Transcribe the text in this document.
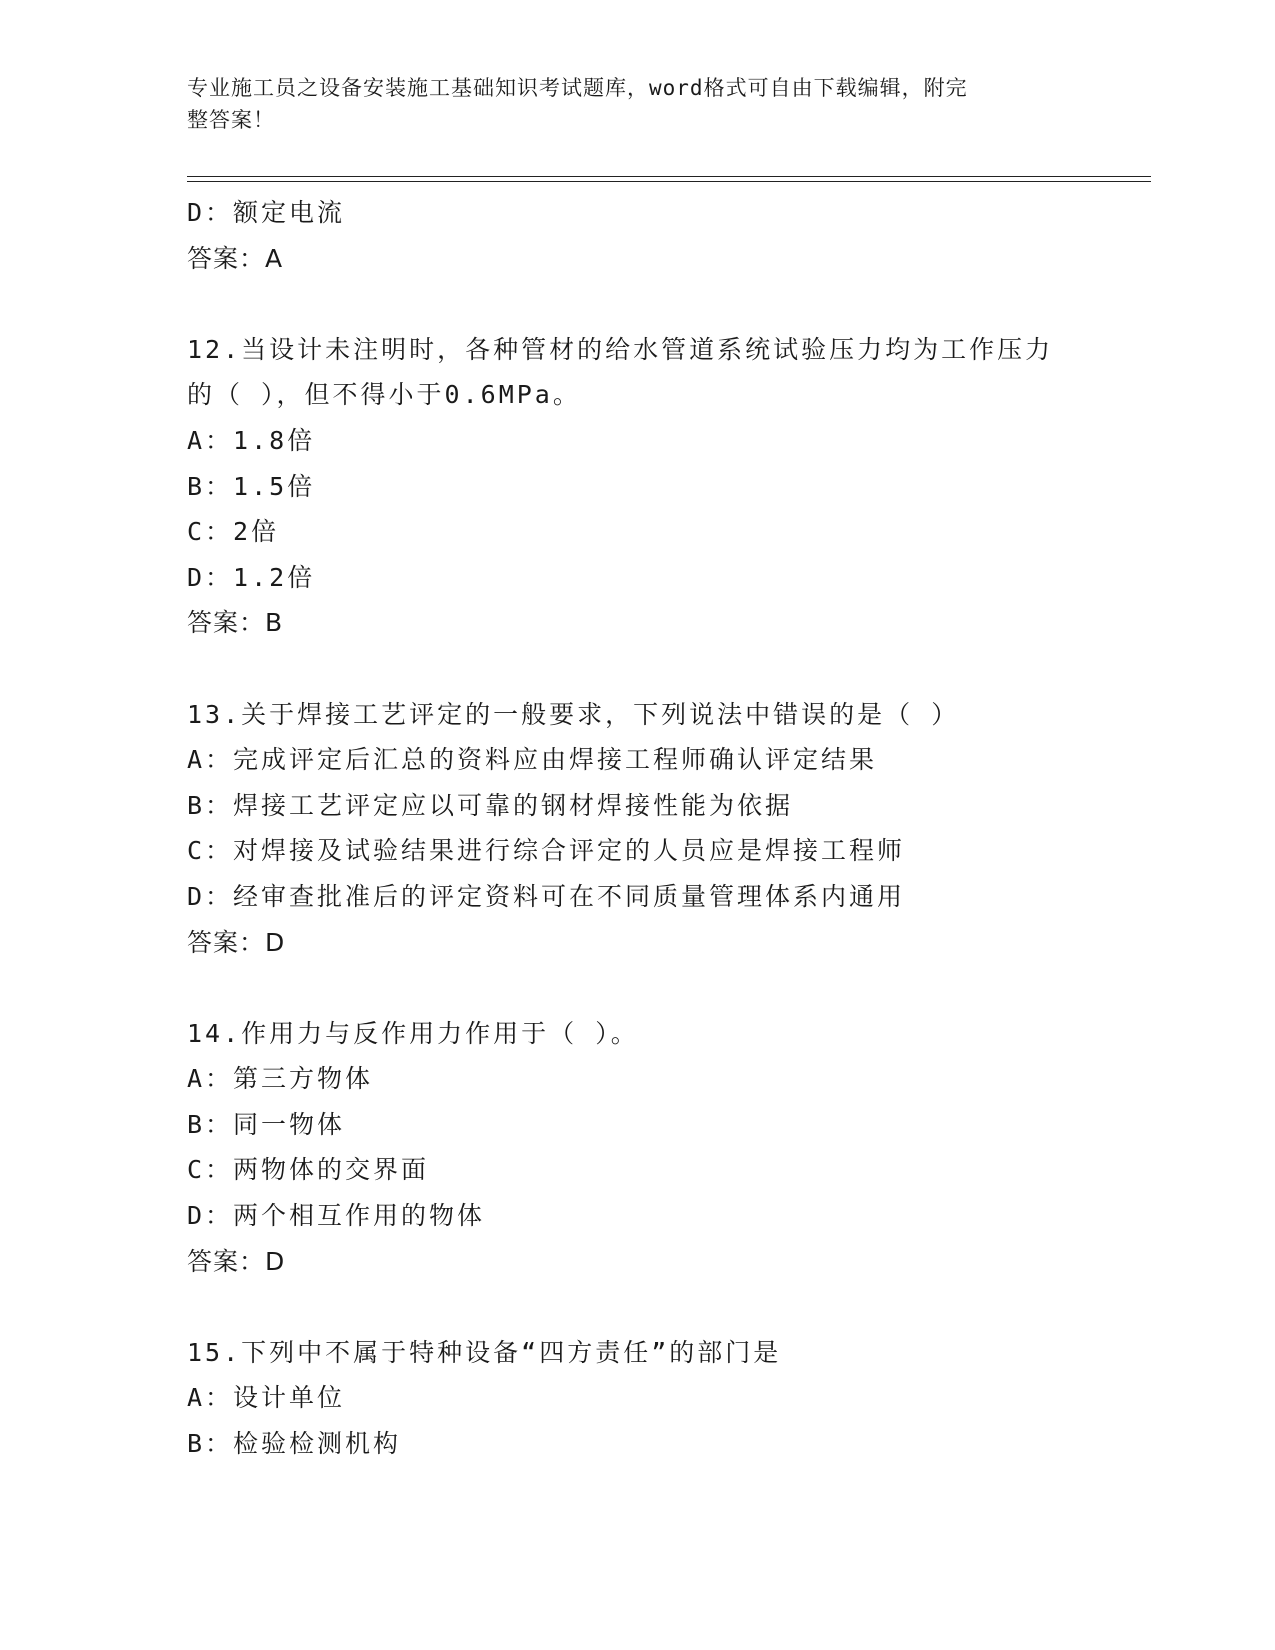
专业施工员之设备安装施工基础知识考试题库，word格式可自由下载编辑，附完
整答案！
D：额定电流
答案：A
12.当设计未注明时，各种管材的给水管道系统试验压力均为工作压力
的（ ），但不得小于0.6MPa。
A：1.8倍
B：1.5倍
C：2倍
D：1.2倍
答案：B
13.关于焊接工艺评定的一般要求，下列说法中错误的是（ ）
A：完成评定后汇总的资料应由焊接工程师确认评定结果
B：焊接工艺评定应以可靠的钢材焊接性能为依据
C：对焊接及试验结果进行综合评定的人员应是焊接工程师
D：经审查批准后的评定资料可在不同质量管理体系内通用
答案：D
14.作用力与反作用力作用于（ ）。
A：第三方物体
B：同一物体
C：两物体的交界面
D：两个相互作用的物体
答案：D
15.下列中不属于特种设备“四方责任”的部门是
A：设计单位
B：检验检测机构
